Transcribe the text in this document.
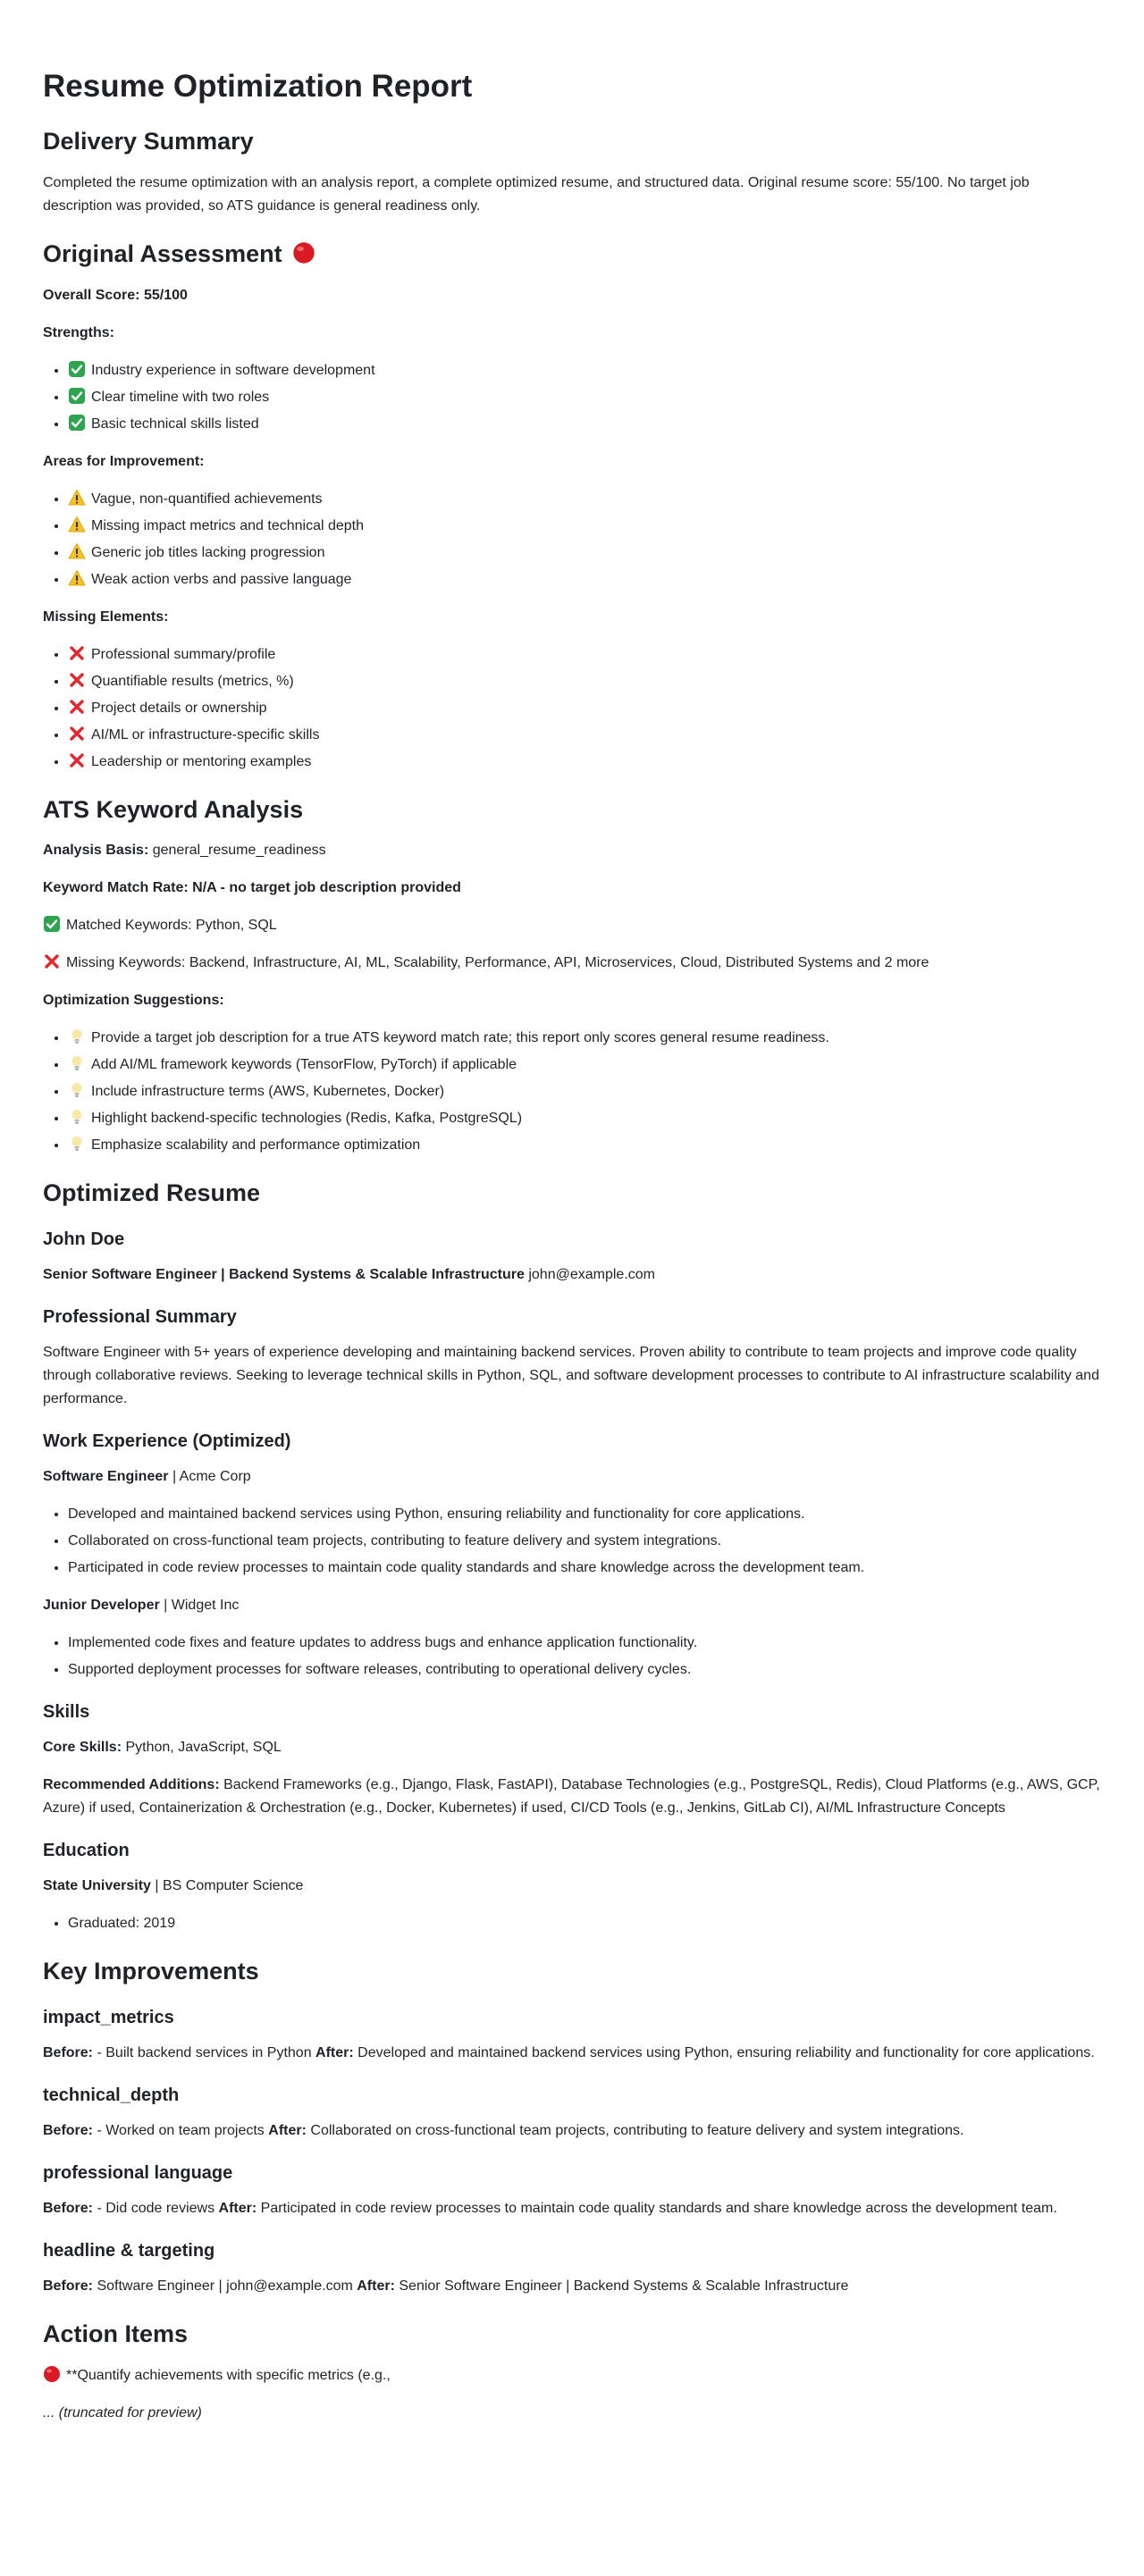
Resume Optimization Report
Delivery Summary

Completed the resume optimization with an analysis report, a complete optimized resume, and structured data. Original resume score: 55/100. No target job description was provided, so ATS guidance is general readiness only.

Original Assessment

Overall Score: 55/100

Strengths:

• Industry experience in software development
• Clear timeline with two roles
• Basic technical skills listed

Areas for Improvement:

• Vague, non-quantified achievements
• Missing impact metrics and technical depth
• Generic job titles lacking progression
• Weak action verbs and passive language

Missing Elements:

• Professional summary/profile
• Quantifiable results (metrics, %)
• Project details or ownership
• AI/ML or infrastructure-specific skills
• Leadership or mentoring examples
ATS Keyword Analysis

Analysis Basis: general_resume_readiness

Keyword Match Rate: N/A - no target job description provided

Matched Keywords: Python, SQL

Missing Keywords: Backend, Infrastructure, AI, ML, Scalability, Performance, API, Microservices, Cloud, Distributed Systems and 2 more

Optimization Suggestions:

• Provide a target job description for a true ATS keyword match rate; this report only scores general resume readiness.
• Add AI/ML framework keywords (TensorFlow, PyTorch) if applicable
• Include infrastructure terms (AWS, Kubernetes, Docker)
• Highlight backend-specific technologies (Redis, Kafka, PostgreSQL)
• Emphasize scalability and performance optimization
Optimized Resume
John Doe

Senior Software Engineer | Backend Systems & Scalable Infrastructure john@example.com

Professional Summary

Software Engineer with 5+ years of experience developing and maintaining backend services. Proven ability to contribute to team projects and improve code quality through collaborative reviews. Seeking to leverage technical skills in Python, SQL, and software development processes to contribute to AI infrastructure scalability and performance.

Work Experience (Optimized)

Software Engineer | Acme Corp

• Developed and maintained backend services using Python, ensuring reliability and functionality for core applications.
• Collaborated on cross-functional team projects, contributing to feature delivery and system integrations.
• Participated in code review processes to maintain code quality standards and share knowledge across the development team.

Junior Developer | Widget Inc

• Implemented code fixes and feature updates to address bugs and enhance application functionality.
• Supported deployment processes for software releases, contributing to operational delivery cycles.
Skills

Core Skills: Python, JavaScript, SQL

Recommended Additions: Backend Frameworks (e.g., Django, Flask, FastAPI), Database Technologies (e.g., PostgreSQL, Redis), Cloud Platforms (e.g., AWS, GCP, Azure) if used, Containerization & Orchestration (e.g., Docker, Kubernetes) if used, CI/CD Tools (e.g., Jenkins, GitLab CI), AI/ML Infrastructure Concepts

Education

State University | BS Computer Science

• Graduated: 2019
Key Improvements
impact_metrics

Before: - Built backend services in Python After: Developed and maintained backend services using Python, ensuring reliability and functionality for core applications.

technical_depth

Before: - Worked on team projects After: Collaborated on cross-functional team projects, contributing to feature delivery and system integrations.

professional language

Before: - Did code reviews After: Participated in code review processes to maintain code quality standards and share knowledge across the development team.

headline & targeting

Before: Software Engineer | john@example.com After: Senior Software Engineer | Backend Systems & Scalable Infrastructure

Action Items

**Quantify achievements with specific metrics (e.g.,

... (truncated for preview)
